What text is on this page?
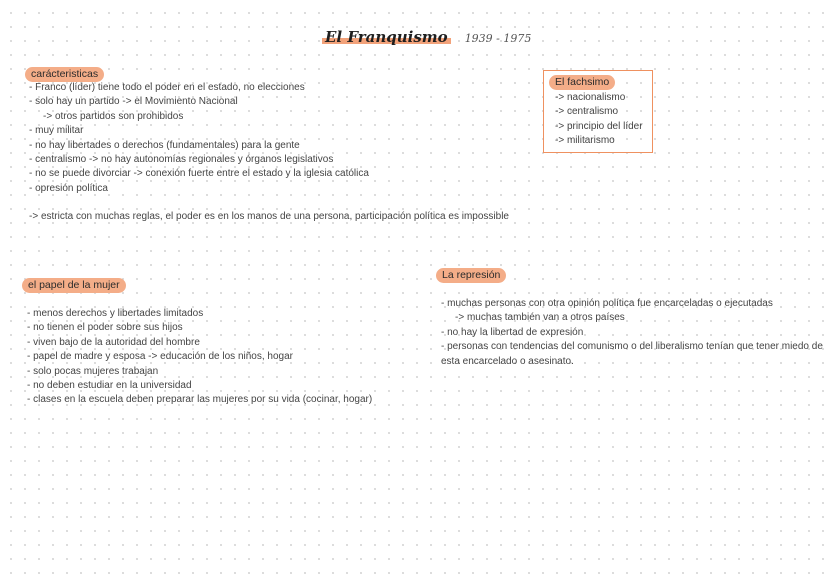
El Franquismo 1939 - 1975
carácteristicas
- Franco (líder) tiene todo el poder en el estado, no elecciones
- solo hay un partido -> el Movimiento Nacional
-> otros partidos son prohibidos
- muy militar
- no hay libertades o derechos (fundamentales) para la gente
- centralismo -> no hay autonomías regionales y órganos legislativos
- no se puede divorciar -> conexión fuerte entre el estado y la iglesia católica
- opresión política
-> estricta con muchas reglas, el poder es en los manos de una persona, participación política es impossible
El fachsimo
-> nacionalismo
-> centralismo
-> principio del líder
-> militarismo
el papel de la mujer
- menos derechos y libertades limitados
- no tienen el poder sobre sus hijos
- viven bajo de la autoridad del hombre
- papel de madre y esposa -> educación de los niños, hogar
- solo pocas mujeres trabajan
- no deben estudiar en la universidad
- clases en la escuela deben preparar las mujeres por su vida (cocinar, hogar)
La represión
- muchas personas con otra opinión política fue encarceladas o ejecutadas
-> muchas también van a otros países
- no hay la libertad de expresión
- personas con tendencias del comunismo o del liberalismo tenían que tener miedo de
esta encarcelado o asesinato.
